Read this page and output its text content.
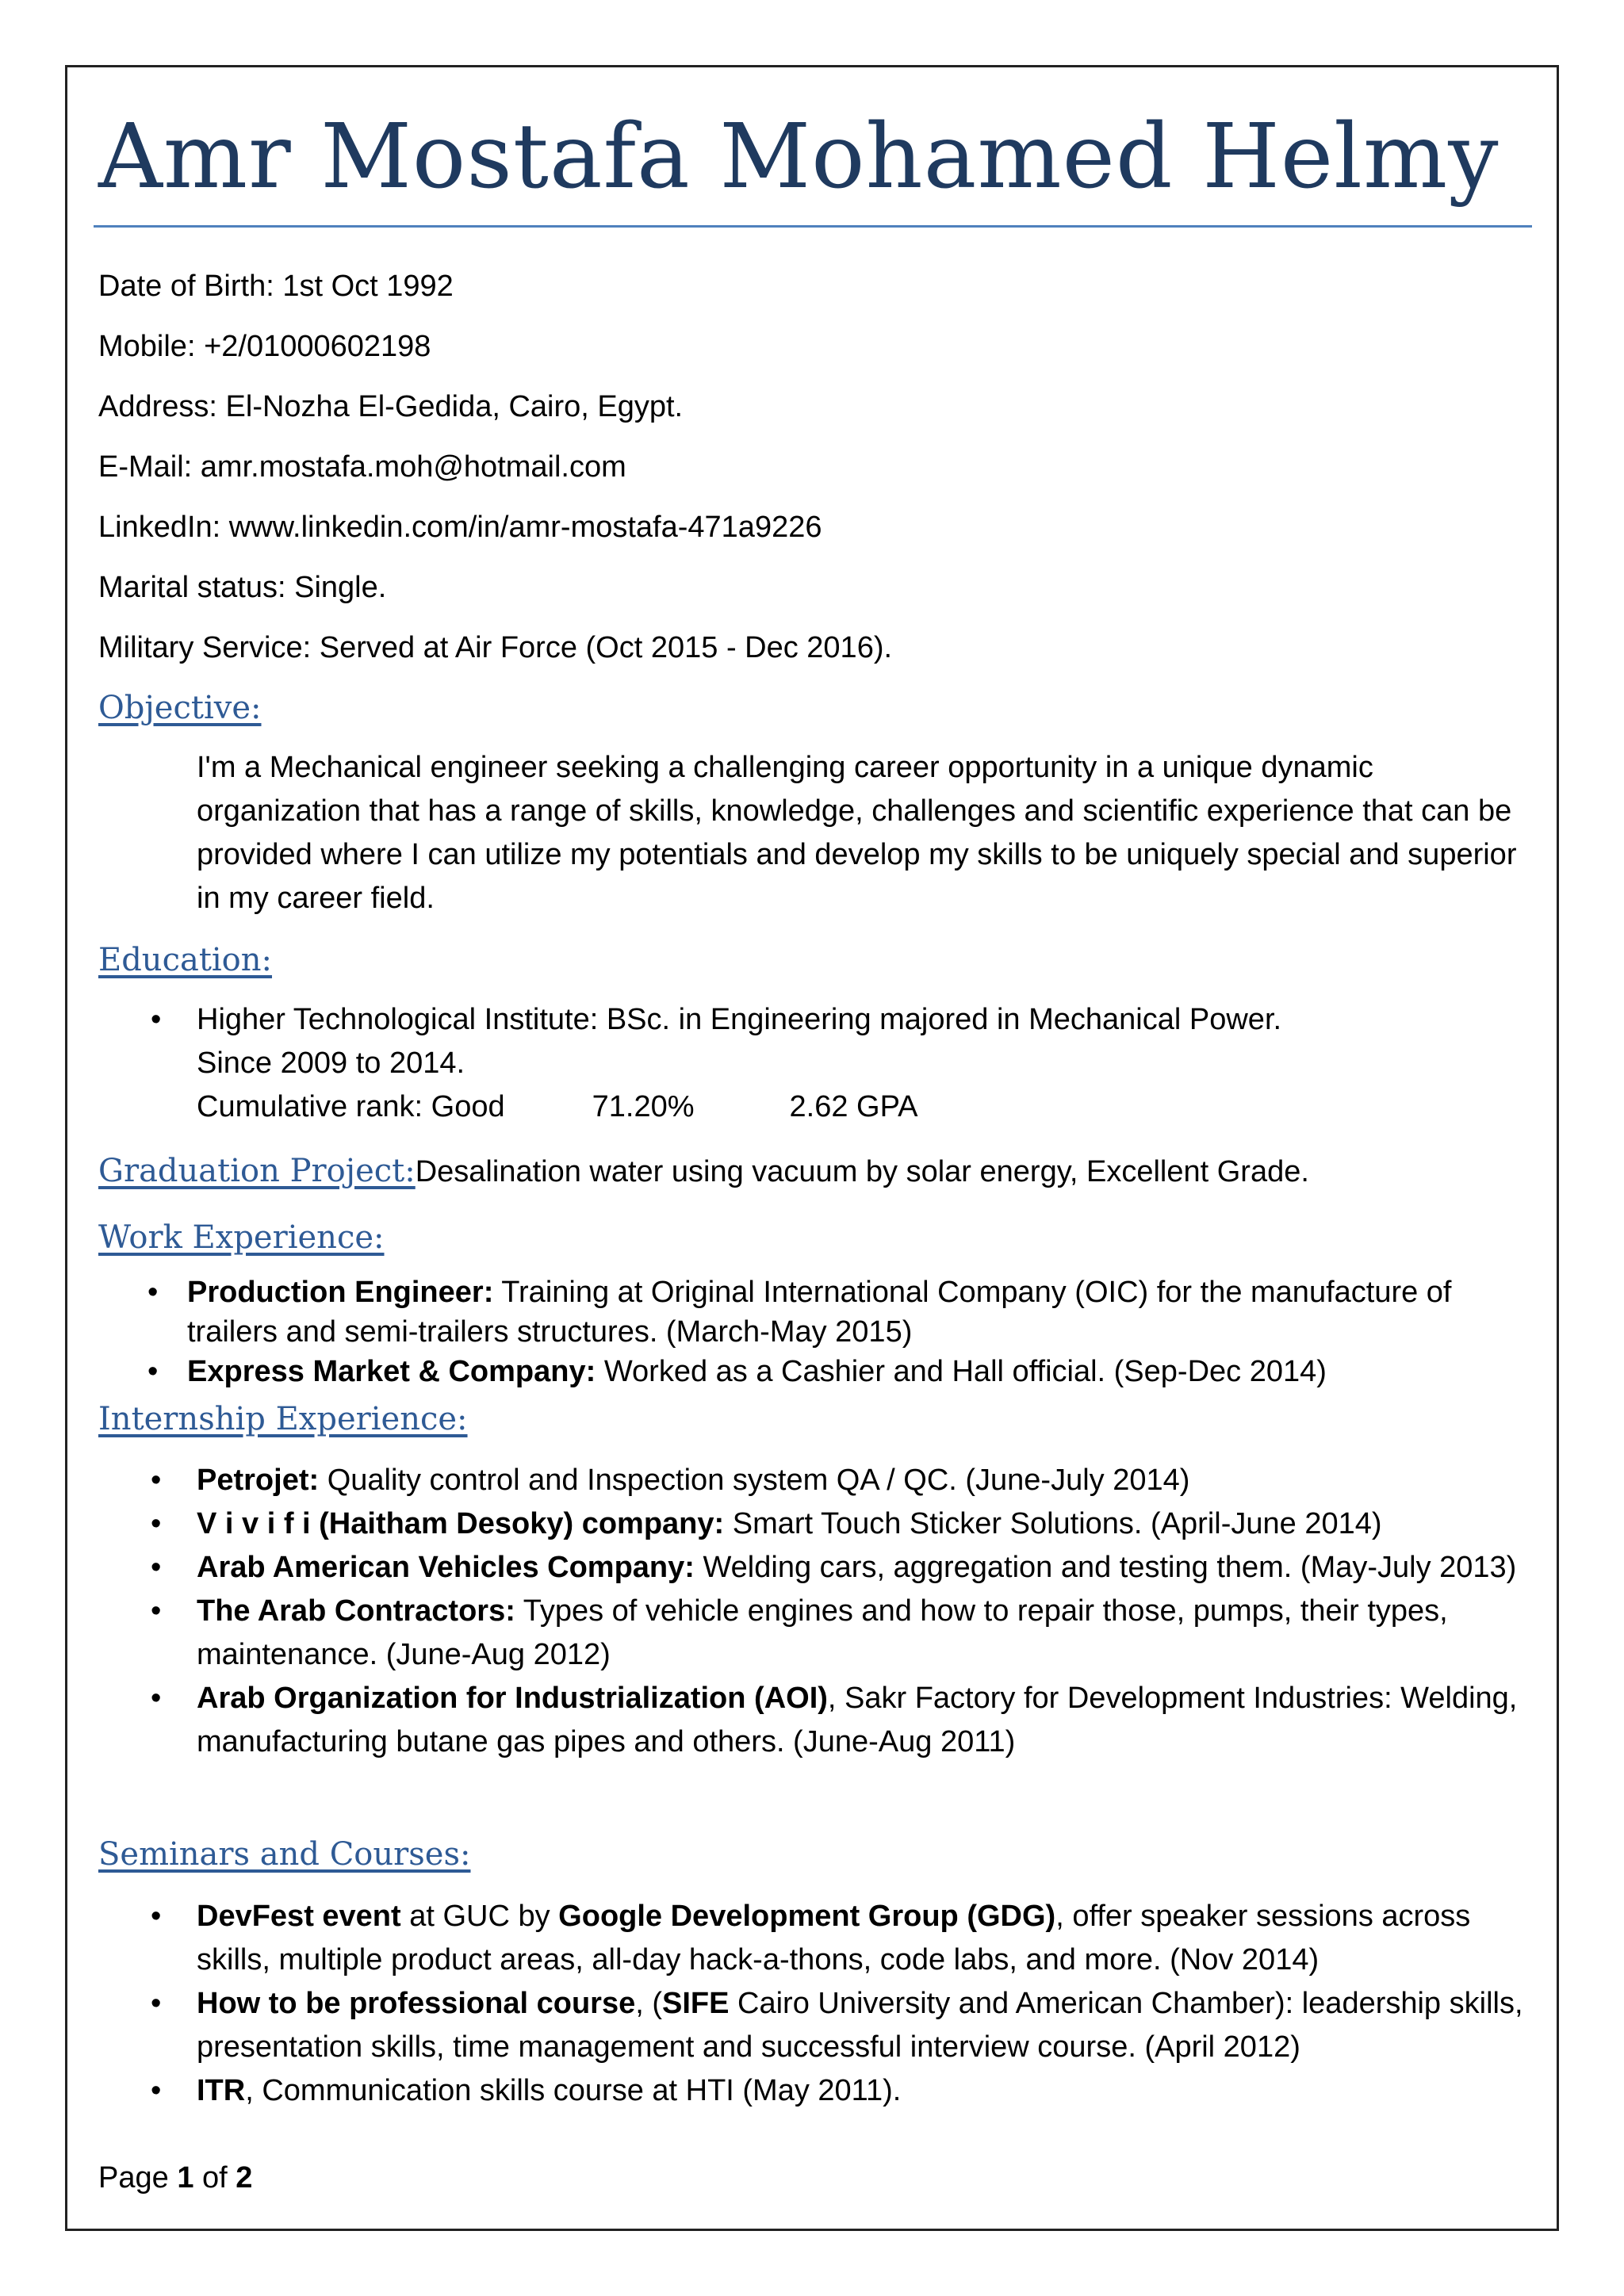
Amr Mostafa Mohamed Helmy
Date of Birth: 1st Oct 1992
Mobile: +2/01000602198
Address: El-Nozha El-Gedida, Cairo, Egypt.
E-Mail: amr.mostafa.moh@hotmail.com
LinkedIn: www.linkedin.com/in/amr-mostafa-471a9226
Marital status: Single.
Military Service: Served at Air Force (Oct 2015 - Dec 2016).
Objective:
I'm a Mechanical engineer seeking a challenging career opportunity in a unique dynamic organization that has a range of skills, knowledge, challenges and scientific experience that can be provided where I can utilize my potentials and develop my skills to be uniquely special and superior in my career field.
Education:
• Higher Technological Institute: BSc. in Engineering majored in Mechanical Power.
Since 2009 to 2014.
Cumulative rank: Good	71.20%	2.62 GPA
Graduation Project:Desalination water using vacuum by solar energy, Excellent Grade.
Work Experience:
• Production Engineer: Training at Original International Company (OIC) for the manufacture of trailers and semi-trailers structures. (March-May 2015)
• Express Market & Company: Worked as a Cashier and Hall official. (Sep-Dec 2014)
Internship Experience:
• Petrojet: Quality control and Inspection system QA / QC. (June-July 2014)
• V i v i f i (Haitham Desoky) company: Smart Touch Sticker Solutions. (April-June 2014)
• Arab American Vehicles Company: Welding cars, aggregation and testing them. (May-July 2013)
• The Arab Contractors: Types of vehicle engines and how to repair those, pumps, their types, maintenance. (June-Aug 2012)
• Arab Organization for Industrialization (AOI), Sakr Factory for Development Industries: Welding, manufacturing butane gas pipes and others. (June-Aug 2011)
Seminars and Courses:
• DevFest event at GUC by Google Development Group (GDG), offer speaker sessions across skills, multiple product areas, all-day hack-a-thons, code labs, and more. (Nov 2014)
• How to be professional course, (SIFE Cairo University and American Chamber): leadership skills, presentation skills, time management and successful interview course. (April 2012)
• ITR, Communication skills course at HTI (May 2011).
Page 1 of 2
